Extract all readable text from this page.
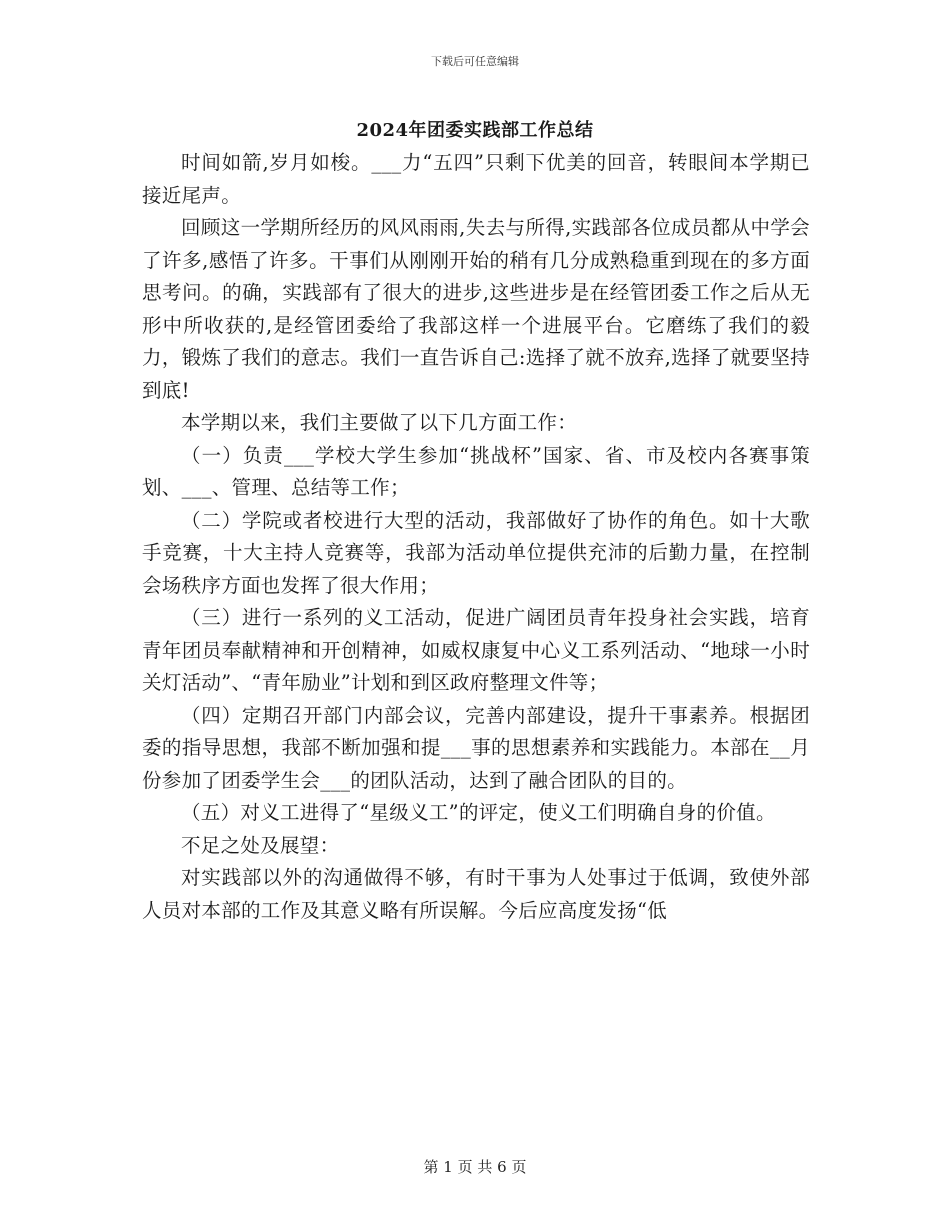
下载后可任意编辑
2024年团委实践部工作总结

时间如箭,岁月如梭。___力“五四”只剩下优美的回音，转眼间本学期已接近尾声。

回顾这一学期所经历的风风雨雨,失去与所得,实践部各位成员都从中学会了许多,感悟了许多。干事们从刚刚开始的稍有几分成熟稳重到现在的多方面思考问。的确，实践部有了很大的进步,这些进步是在经管团委工作之后从无形中所收获的,是经管团委给了我部这样一个进展平台。它磨练了我们的毅力，锻炼了我们的意志。我们一直告诉自己:选择了就不放弃,选择了就要坚持到底!

本学期以来，我们主要做了以下几方面工作：

（一）负责___学校大学生参加“挑战杯”国家、省、市及校内各赛事策划、___、管理、总结等工作；

（二）学院或者校进行大型的活动，我部做好了协作的角色。如十大歌手竞赛，十大主持人竞赛等，我部为活动单位提供充沛的后勤力量，在控制会场秩序方面也发挥了很大作用；

（三）进行一系列的义工活动，促进广阔团员青年投身社会实践，培育青年团员奉献精神和开创精神，如威权康复中心义工系列活动、“地球一小时关灯活动”、“青年励业”计划和到区政府整理文件等；

（四）定期召开部门内部会议，完善内部建设，提升干事素养。根据团委的指导思想，我部不断加强和提___事的思想素养和实践能力。本部在__月份参加了团委学生会___的团队活动，达到了融合团队的目的。

（五）对义工进得了“星级义工”的评定，使义工们明确自身的价值。

不足之处及展望：

对实践部以外的沟通做得不够，有时干事为人处事过于低调，致使外部人员对本部的工作及其意义略有所误解。今后应高度发扬“低

第 1 页 共 6 页
